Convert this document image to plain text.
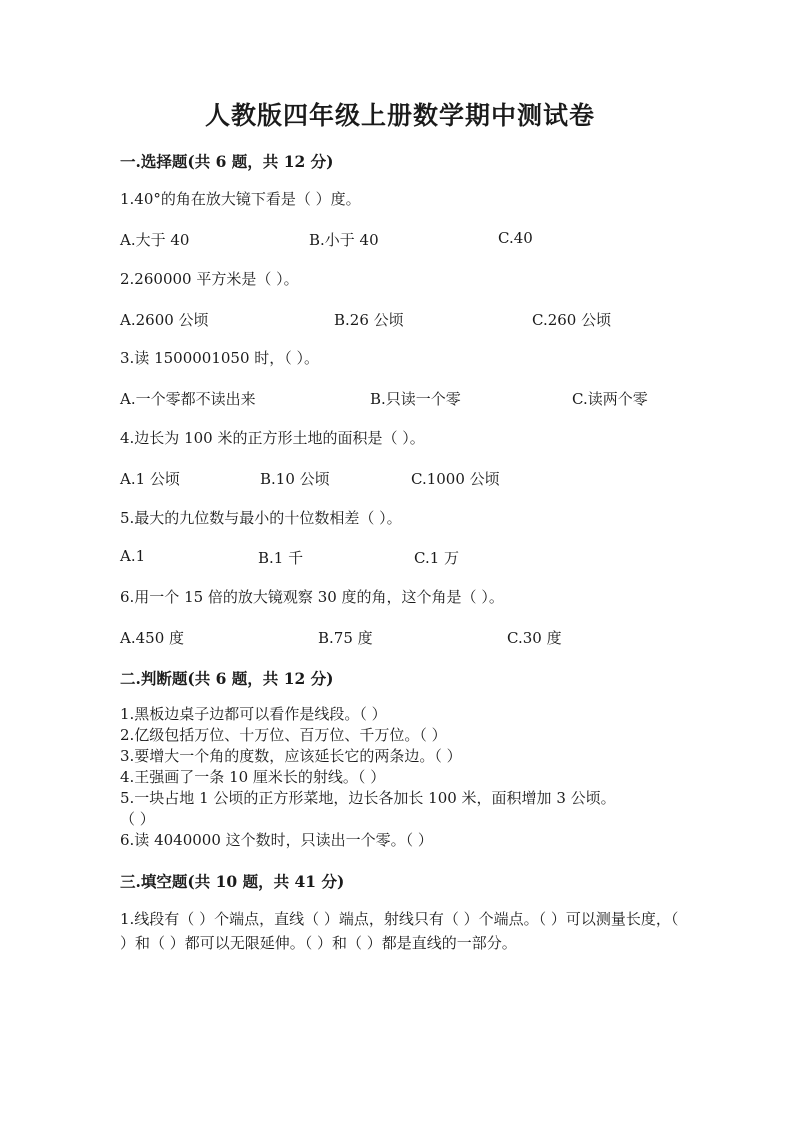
人教版四年级上册数学期中测试卷
一.选择题(共 6 题，共 12 分)

1.40°的角在放大镜下看是（ ）度。

A.大于 40	B.小于 40	C.40

2.260000 平方米是（ ）。

A.2600 公顷	B.26 公顷	C.260 公顷

3.读 1500001050 时，（ ）。

A.一个零都不读出来	B.只读一个零	C.读两个零

4.边长为 100 米的正方形土地的面积是（ ）。

A.1 公顷	B.10 公顷	C.1000 公顷

5.最大的九位数与最小的十位数相差（ ）。

A.1	B.1 千	C.1 万

6.用一个 15 倍的放大镜观察 30 度的角，这个角是（ ）。

A.450 度	B.75 度	C.30 度
二.判断题(共 6 题，共 12 分)

1.黑板边桌子边都可以看作是线段。（ ）

2.亿级包括万位、十万位、百万位、千万位。（ ）

3.要增大一个角的度数，应该延长它的两条边。（ ）

4.王强画了一条 10 厘米长的射线。（ ）

5.一块占地 1 公顷的正方形菜地，边长各加长 100 米，面积增加 3 公顷。

（ ）

6.读 4040000 这个数时，只读出一个零。（ ）

三.填空题(共 10 题，共 41 分)

1.线段有（ ）个端点，直线（ ）端点，射线只有（ ）个端点。（ ）可以测量长度，（ ）和（ ）都可以无限延伸。（ ）和（ ）都是直线的一部分。
